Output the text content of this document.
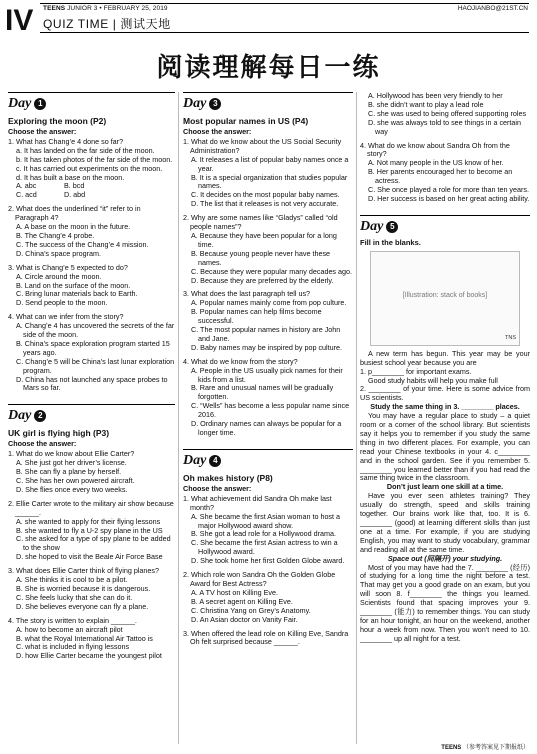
IV TEENS JUNIOR 3 • FEBRUARY 25, 2019	HAOJIANBO@21ST.CN
QUIZ TIME | 测试天地
阅读理解每日一练
Day 1
Exploring the moon (P2)
Choose the answer:
1. What has Chang’e 4 done so far?
a. It has landed on the far side of the moon.
b. It has taken photos of the far side of the moon.
c. It has carried out experiments on the moon.
d. It has built a base on the moon.
A. abc	B. bcd
C. acd	D. abd
2. What does the underlined “it” refer to in Paragraph 4?
A. A base on the moon in the future.
B. The Chang’e 4 probe.
C. The success of the Chang’e 4 mission.
D. China’s space program.
3. What is Chang’e 5 expected to do?
A. Circle around the moon.
B. Land on the surface of the moon.
C. Bring lunar materials back to Earth.
D. Send people to the moon.
4. What can we infer from the story?
A. Chang’e 4 has uncovered the secrets of the far side of the moon.
B. China’s space exploration program started 15 years ago.
C. Chang’e 5 will be China’s last lunar exploration program.
D. China has not launched any space probes to Mars so far.
Day 2
UK girl is flying high (P3)
Choose the answer:
1. What do we know about Ellie Carter?
A. She just got her driver’s license.
B. She can fly a plane by herself.
C. She has her own powered aircraft.
D. She flies once every two weeks.
2. Ellie Carter wrote to the military air show because ______.
A. she wanted to apply for their flying lessons
B. she wanted to fly a U-2 spy plane in the US
C. she asked for a type of spy plane to be added to the show
D. she hoped to visit the Beale Air Force Base
3. What does Ellie Carter think of flying planes?
A. She thinks it is cool to be a pilot.
B. She is worried because it is dangerous.
C. She feels lucky that she can do it.
D. She believes everyone can fly a plane.
4. The story is written to explain ______.
A. how to become an aircraft pilot
B. what the Royal International Air Tattoo is
C. what is included in flying lessons
D. how Ellie Carter became the youngest pilot
Day 3
Most popular names in US (P4)
Choose the answer:
1. What do we know about the US Social Security Administration?
A. It releases a list of popular baby names once a year.
B. It is a special organization that studies popular names.
C. It decides on the most popular baby names.
D. The list that it releases is not very accurate.
2. Why are some names like “Gladys” called “old people names”?
A. Because they have been popular for a long time.
B. Because young people never have these names.
C. Because they were popular many decades ago.
D. Because they are preferred by the elderly.
3. What does the last paragraph tell us?
A. Popular names mainly come from pop culture.
B. Popular names can help films become successful.
C. The most popular names in history are John and Jane.
D. Baby names may be inspired by pop culture.
4. What do we know from the story?
A. People in the US usually pick names for their kids from a list.
B. Rare and unusual names will be gradually forgotten.
C. “Wells” has become a less popular name since 2016.
D. Ordinary names can always be popular for a longer time.
Day 4
Oh makes history (P8)
Choose the answer:
1. What achievement did Sandra Oh make last month?
A. She became the first Asian woman to host a major Hollywood award show.
B. She got a lead role for a Hollywood drama.
C. She became the first Asian actress to win a Hollywood award.
D. She took home her first Golden Globe award.
2. Which role won Sandra Oh the Golden Globe Award for Best Actress?
A. A TV host on Killing Eve.
B. A secret agent on Killing Eve.
C. Christina Yang on Grey’s Anatomy.
D. An Asian doctor on Vanity Fair.
3. When offered the lead role on Killing Eve, Sandra Oh felt surprised because ______.
A. Hollywood has been very friendly to her
B. she didn’t want to play a lead role
C. she was used to being offered supporting roles
D. she was always told to see things in a certain way
4. What do we know about Sandra Oh from the story?
A. Not many people in the US know of her.
B. Her parents encouraged her to become an actress.
C. She once played a role for more than ten years.
D. Her success is based on her great acting ability.
Day 5
Fill in the blanks.
[Illustration: stack of books]
TNS
A new term has begun. This year may be your busiest school year because you are
1. p________ for important exams.
Good study habits will help you make full
2. ________ of your time. Here is some advice from US scientists.
Study the same thing in 3. ________ places.
You may have a regular place to study – a quiet room or a corner of the school library. But scientists say it helps you to remember if you study the same thing in two different places. For example, you can read your Chinese textbooks in your 4. c________ and in the school garden. See if you remember 5. ________ you learned better than if you had read the same thing twice in the classroom.
Don’t just learn one skill at a time.
Have you ever seen athletes training? They usually do strength, speed and skills training together. Our brains work like that, too. It is 6. ________ (good) at learning different skills than just one at a time. For example, if you are studying English, you may want to study vocabulary, grammar and reading all at the same time.
Space out (间隔开) your studying.
Most of you may have had the 7. ________ (经历) of studying for a long time the night before a test. That may get you a good grade on an exam, but you will soon 8. f________ the things you learned. Scientists found that spacing improves your 9. ________ (能力) to remember things. You can study for an hour tonight, an hour on the weekend, another hour a week from now. Then you won’t need to 10. ________ up all night for a test.
TEENS （参考答案见下期报纸）
